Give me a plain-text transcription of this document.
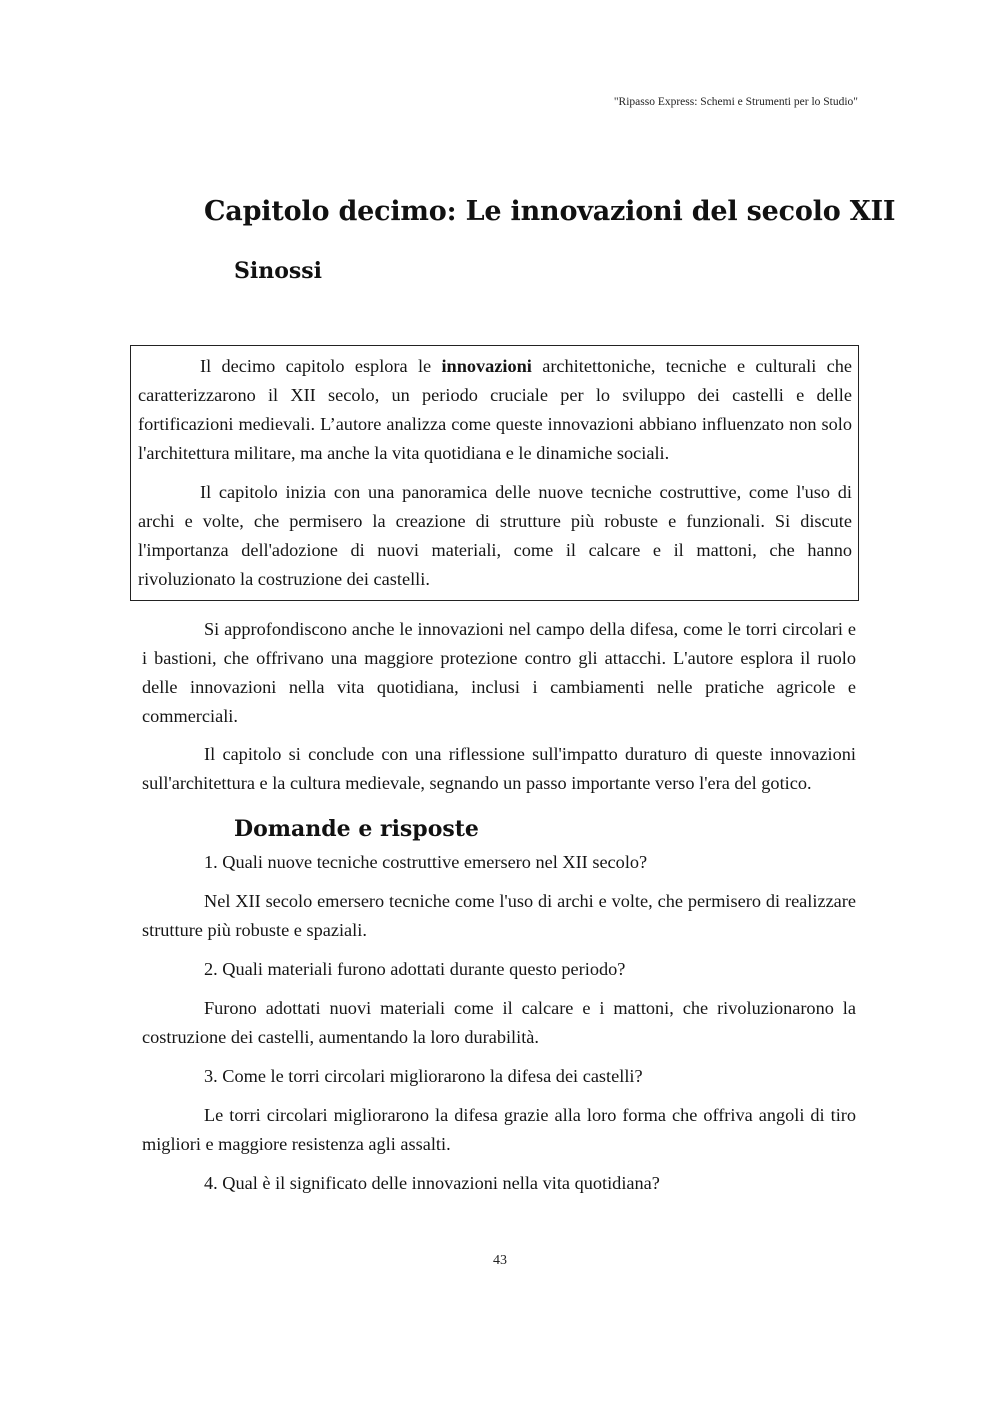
"Ripasso Express: Schemi e Strumenti per lo Studio"
Capitolo decimo: Le innovazioni del secolo XII
Sinossi

Il decimo capitolo esplora le innovazioni architettoniche, tecniche e culturali che caratterizzarono il XII secolo, un periodo cruciale per lo sviluppo dei castelli e delle fortificazioni medievali. L’autore analizza come queste innovazioni abbiano influenzato non solo l'architettura militare, ma anche la vita quotidiana e le dinamiche sociali.

Il capitolo inizia con una panoramica delle nuove tecniche costruttive, come l'uso di archi e volte, che permisero la creazione di strutture più robuste e funzionali. Si discute l'importanza dell'adozione di nuovi materiali, come il calcare e il mattoni, che hanno rivoluzionato la costruzione dei castelli.

Si approfondiscono anche le innovazioni nel campo della difesa, come le torri circolari e i bastioni, che offrivano una maggiore protezione contro gli attacchi. L'autore esplora il ruolo delle innovazioni nella vita quotidiana, inclusi i cambiamenti nelle pratiche agricole e commerciali.

Il capitolo si conclude con una riflessione sull'impatto duraturo di queste innovazioni sull'architettura e la cultura medievale, segnando un passo importante verso l'era del gotico.

Domande e risposte

1. Quali nuove tecniche costruttive emersero nel XII secolo?

Nel XII secolo emersero tecniche come l'uso di archi e volte, che permisero di realizzare strutture più robuste e spaziali.

2. Quali materiali furono adottati durante questo periodo?

Furono adottati nuovi materiali come il calcare e i mattoni, che rivoluzionarono la costruzione dei castelli, aumentando la loro durabilità.

3. Come le torri circolari migliorarono la difesa dei castelli?

Le torri circolari migliorarono la difesa grazie alla loro forma che offriva angoli di tiro migliori e maggiore resistenza agli assalti.

4. Qual è il significato delle innovazioni nella vita quotidiana?

43
